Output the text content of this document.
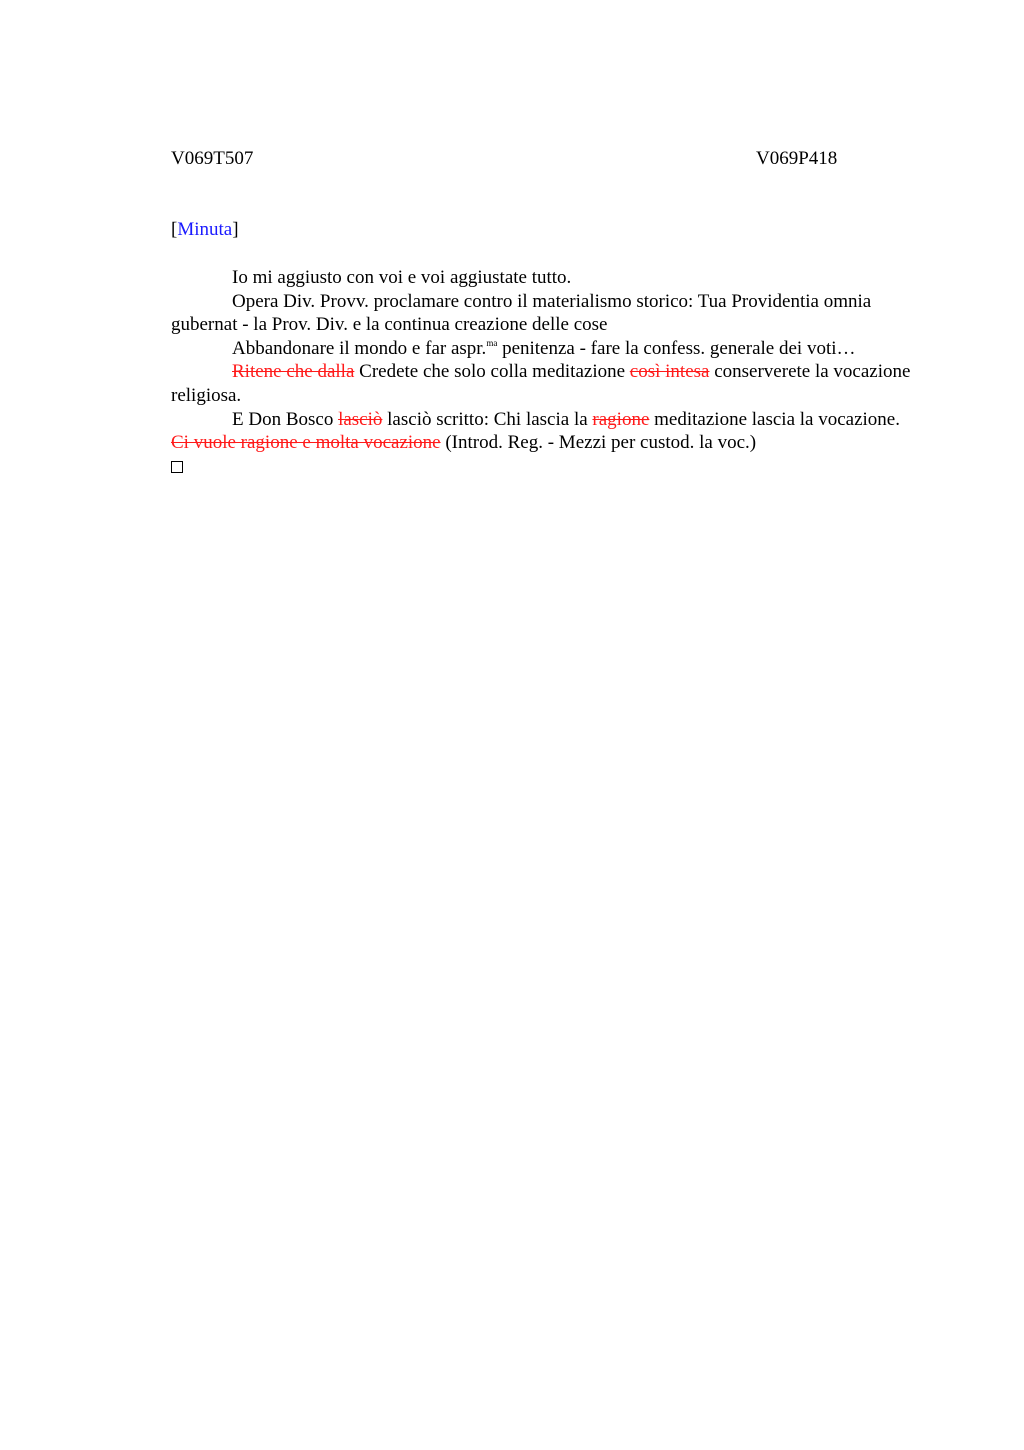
V069T507	V069P418
[Minuta]

Io mi aggiusto con voi e voi aggiustate tutto.

Opera Div. Provv. proclamare contro il materialismo storico: Tua Providentia omnia gubernat - la Prov. Div. e la continua creazione delle cose

Abbandonare il mondo e far aspr.$^{ma}$ penitenza - fare la confess. generale dei voti…

Ritene che dalla Credete che solo colla meditazione così intesa conserverete la vocazione religiosa.

E Don Bosco lasciò lasciò scritto: Chi lascia la ragione meditazione lascia la vocazione. Ci vuole ragione e molta vocazione (Introd. Reg. - Mezzi per custod. la voc.)
